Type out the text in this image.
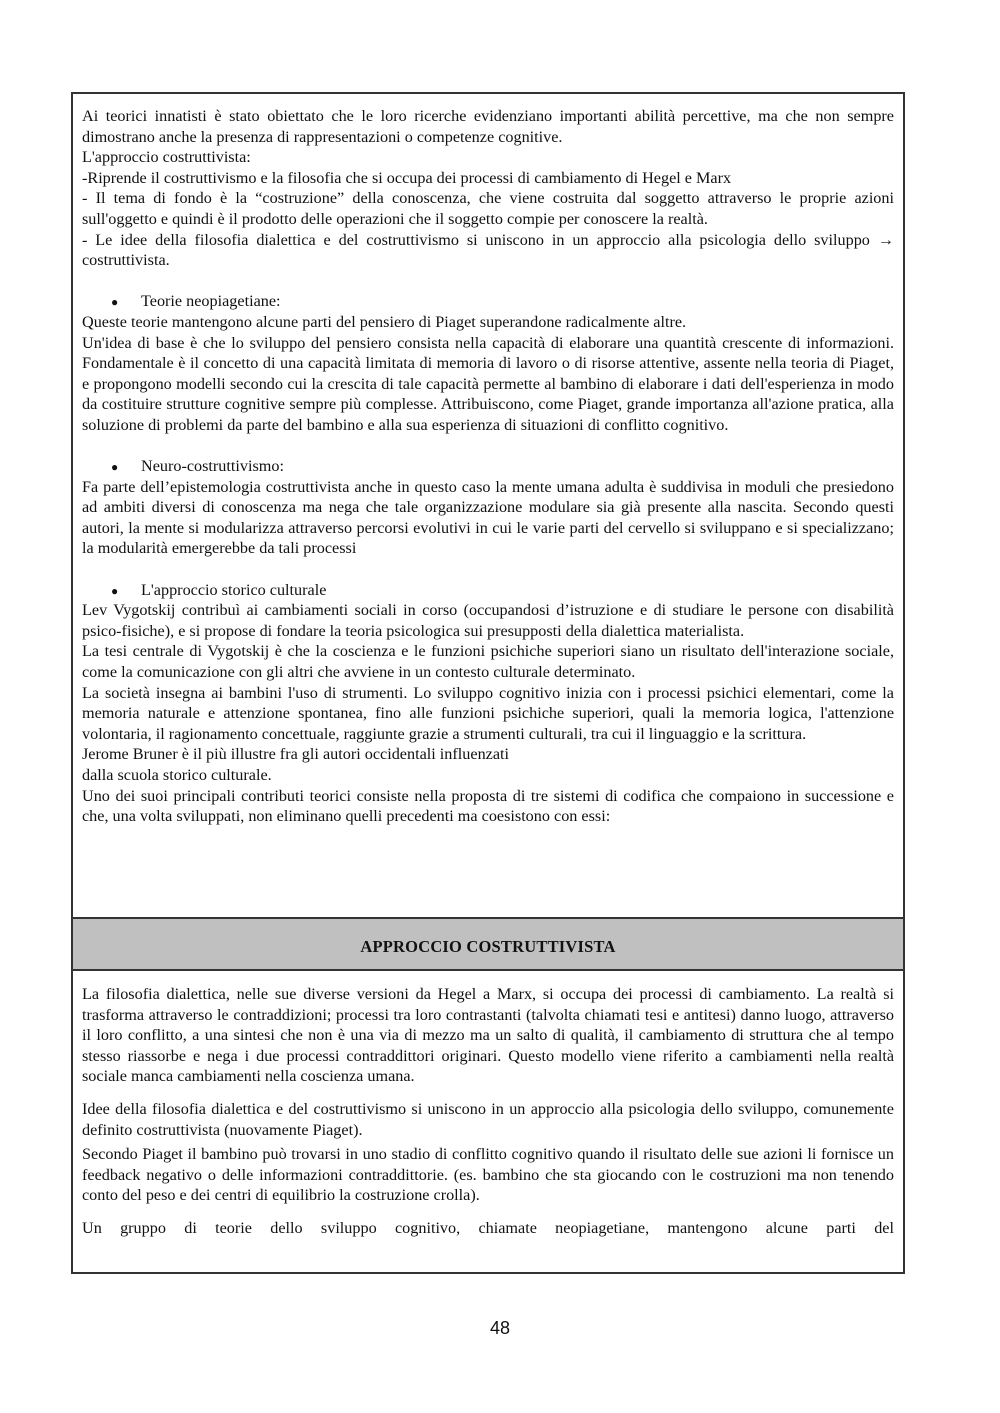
Ai teorici innatisti è stato obiettato che le loro ricerche evidenziano importanti abilità percettive, ma che non sempre dimostrano anche la presenza di rappresentazioni o competenze cognitive.

L'approccio costruttivista:

-Riprende il costruttivismo e la filosofia che si occupa dei processi di cambiamento di Hegel e Marx

- Il tema di fondo è la “costruzione” della conoscenza, che viene costruita dal soggetto attraverso le proprie azioni sull'oggetto e quindi è il prodotto delle operazioni che il soggetto compie per conoscere la realtà.

- Le idee della filosofia dialettica e del costruttivismo si uniscono in un approccio alla psicologia dello sviluppo → costruttivista.

●	Teorie neopiagetiane:

Queste teorie mantengono alcune parti del pensiero di Piaget superandone radicalmente altre.

Un'idea di base è che lo sviluppo del pensiero consista nella capacità di elaborare una quantità crescente di informazioni. Fondamentale è il concetto di una capacità limitata di memoria di lavoro o di risorse attentive, assente nella teoria di Piaget, e propongono modelli secondo cui la crescita di tale capacità permette al bambino di elaborare i dati dell'esperienza in modo da costituire strutture cognitive sempre più complesse. Attribuiscono, come Piaget, grande importanza all'azione pratica, alla soluzione di problemi da parte del bambino e alla sua esperienza di situazioni di conflitto cognitivo.

●	Neuro-costruttivismo:

Fa parte dell’epistemologia costruttivista anche in questo caso la mente umana adulta è suddivisa in moduli che presiedono ad ambiti diversi di conoscenza ma nega che tale organizzazione modulare sia già presente alla nascita. Secondo questi autori, la mente si modularizza attraverso percorsi evolutivi in cui le varie parti del cervello si sviluppano e si specializzano; la modularità emergerebbe da tali processi

●	L'approccio storico culturale

Lev Vygotskij contribuì ai cambiamenti sociali in corso (occupandosi d’istruzione e di studiare le persone con disabilità psico-fisiche), e si propose di fondare la teoria psicologica sui presupposti della dialettica materialista.

La tesi centrale di Vygotskij è che la coscienza e le funzioni psichiche superiori siano un risultato dell'interazione sociale, come la comunicazione con gli altri che avviene in un contesto culturale determinato.

La società insegna ai bambini l'uso di strumenti. Lo sviluppo cognitivo inizia con i processi psichici elementari, come la memoria naturale e attenzione spontanea, fino alle funzioni psichiche superiori, quali la memoria logica, l'attenzione volontaria, il ragionamento concettuale, raggiunte grazie a strumenti culturali, tra cui il linguaggio e la scrittura.

Jerome Bruner è il più illustre fra gli autori occidentali influenzati

dalla scuola storico culturale.

Uno dei suoi principali contributi teorici consiste nella proposta di tre sistemi di codifica che compaiono in successione e che, una volta sviluppati, non eliminano quelli precedenti ma coesistono con essi:

APPROCCIO COSTRUTTIVISTA

La filosofia dialettica, nelle sue diverse versioni da Hegel a Marx, si occupa dei processi di cambiamento. La realtà si trasforma attraverso le contraddizioni; processi tra loro contrastanti (talvolta chiamati tesi e antitesi) danno luogo, attraverso il loro conflitto, a una sintesi che non è una via di mezzo ma un salto di qualità, il cambiamento di struttura che al tempo stesso riassorbe e nega i due processi contraddittori originari. Questo modello viene riferito a cambiamenti nella realtà sociale manca cambiamenti nella coscienza umana.

Idee della filosofia dialettica e del costruttivismo si uniscono in un approccio alla psicologia dello sviluppo, comunemente definito costruttivista (nuovamente Piaget).

Secondo Piaget il bambino può trovarsi in uno stadio di conflitto cognitivo quando il risultato delle sue azioni li fornisce un feedback negativo o delle informazioni contraddittorie. (es. bambino che sta giocando con le costruzioni ma non tenendo conto del peso e dei centri di equilibrio la costruzione crolla).

Un gruppo di teorie dello sviluppo cognitivo, chiamate neopiagetiane, mantengono alcune parti del

48
